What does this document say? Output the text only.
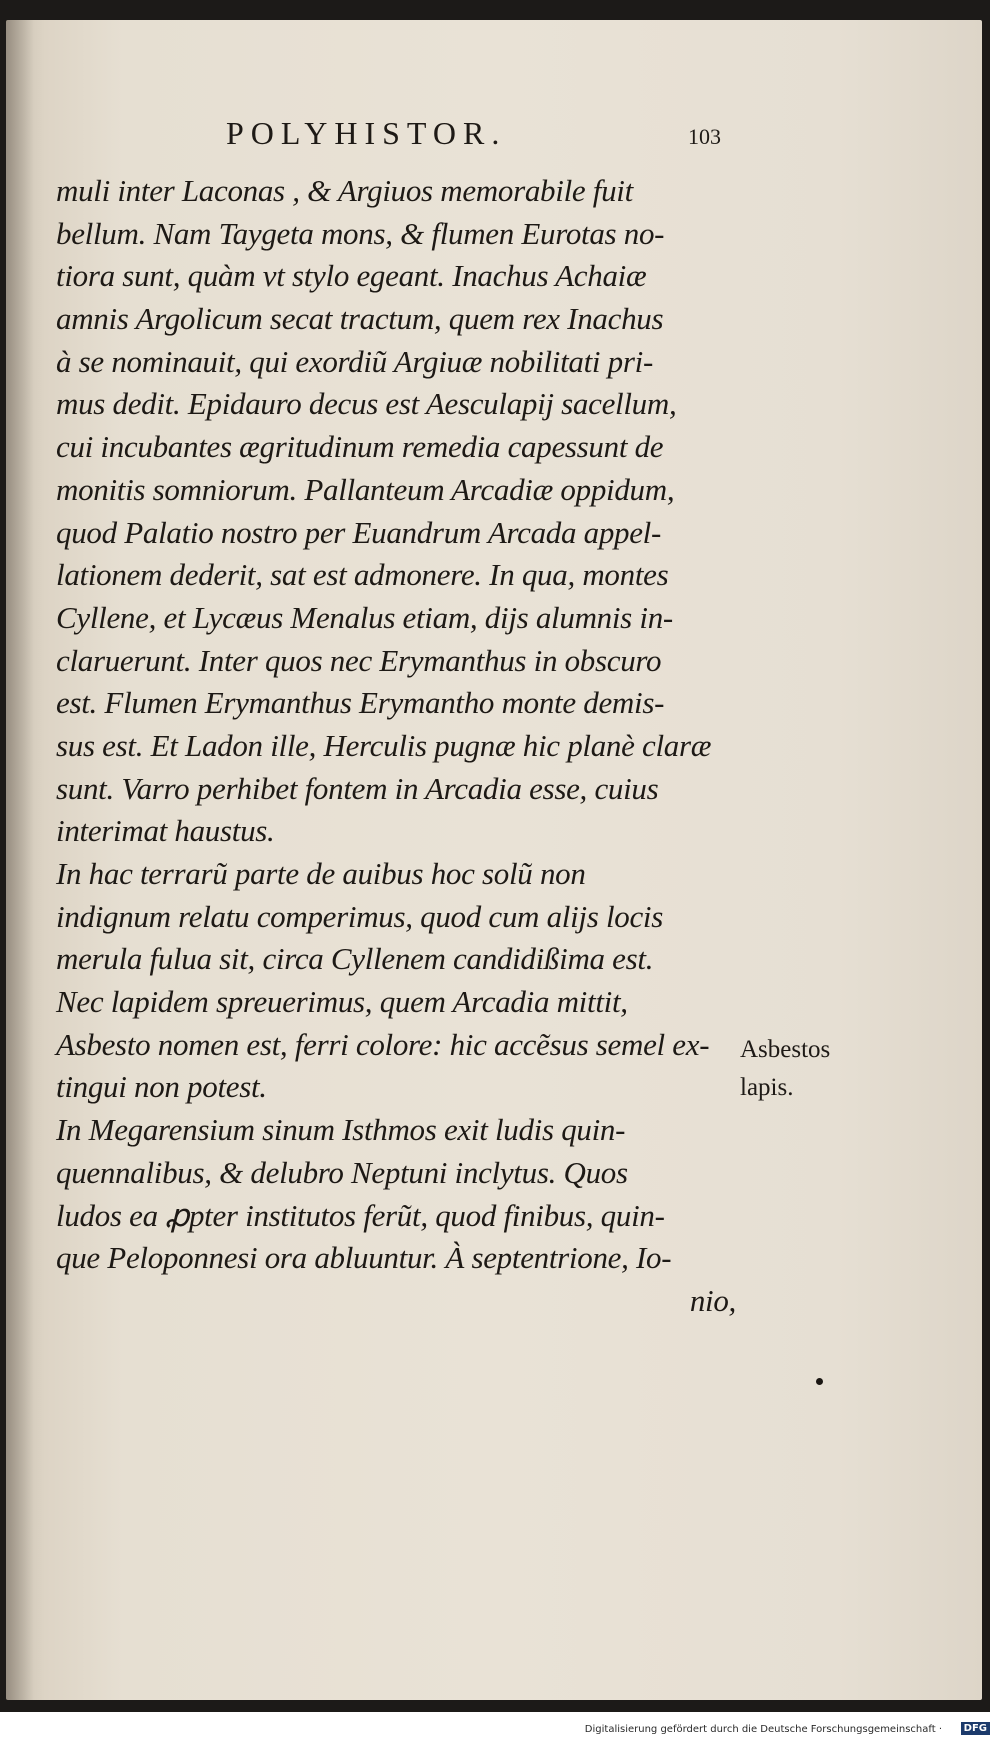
POLYHISTOR.	103
muli inter Laconas , & Argiuos memorabile fuit
bellum. Nam Taygeta mons, & flumen Eurotas no-
tiora sunt, quàm vt stylo egeant. Inachus Achaiæ
amnis Argolicum secat tractum, quem rex Inachus
à se nominauit, qui exordiũ Argiuæ nobilitati pri-
mus dedit. Epidauro decus est Aesculapij sacellum,
cui incubantes ægritudinum remedia capessunt de
monitis somniorum. Pallanteum Arcadiæ oppidum,
quod Palatio nostro per Euandrum Arcada appel-
lationem dederit, sat est admonere. In qua, montes
Cyllene, et Lycæus Menalus etiam, dijs alumnis in-
claruerunt. Inter quos nec Erymanthus in obscuro
est. Flumen Erymanthus Erymantho monte demis-
sus est. Et Ladon ille, Herculis pugnæ hic planè claræ
sunt. Varro perhibet fontem in Arcadia esse, cuius
interimat haustus.
In hac terrarũ parte de auibus hoc solũ non
indignum relatu comperimus, quod cum alijs locis
merula fulua sit, circa Cyllenem candidißima est.
Nec lapidem spreuerimus, quem Arcadia mittit,
Asbesto nomen est, ferri colore: hic accẽsus semel ex-
tingui non potest.
In Megarensium sinum Isthmos exit ludis quin-
quennalibus, & delubro Neptuni inclytus. Quos
ludos ea ꝓpter institutos ferũt, quod finibus, quin-
que Peloponnesi ora abluuntur. À septentrione, Io-
nio,
Asbestos
lapis.
Digitalisierung gefördert durch die Deutsche Forschungsgemeinschaft ·	DFG
